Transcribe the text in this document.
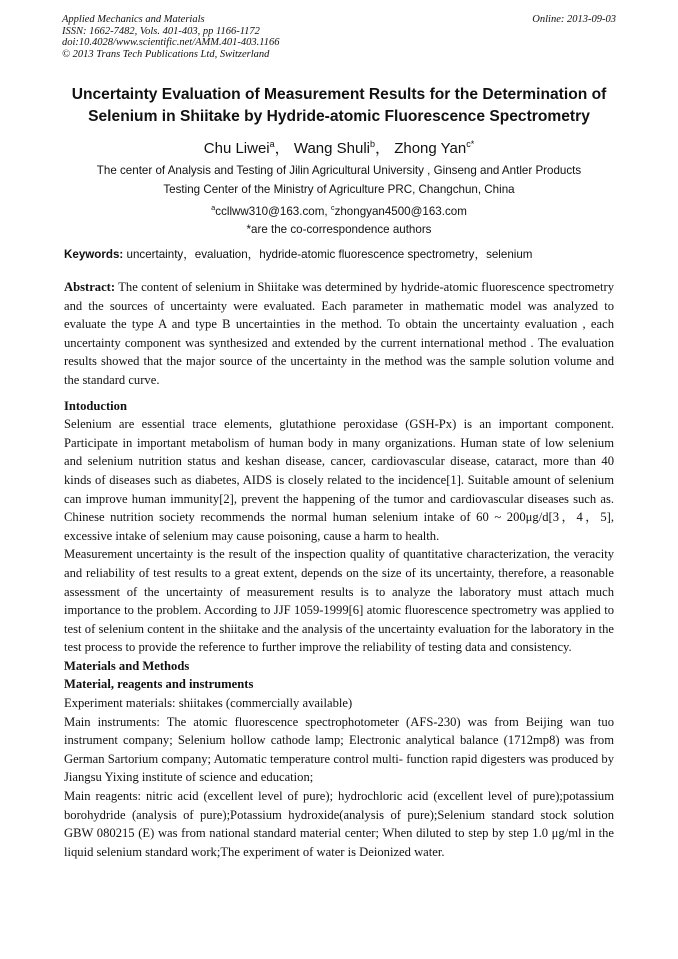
Applied Mechanics and Materials
ISSN: 1662-7482, Vols. 401-403, pp 1166-1172
doi:10.4028/www.scientific.net/AMM.401-403.1166
© 2013 Trans Tech Publications Ltd, Switzerland
Online: 2013-09-03
Uncertainty Evaluation of Measurement Results for the Determination of
Selenium in Shiitake by Hydride-atomic Fluorescence Spectrometry
Chu Liwei$^a$， Wang Shuli$^b$， Zhong Yan$^{c*}$
The center of Analysis and Testing of Jilin Agricultural University , Ginseng and Antler Products
Testing Center of the Ministry of Agriculture PRC, Changchun, China
$^a$ccllww310@163.com, $^c$zhongyan4500@163.com
*are the co-correspondence authors
Keywords: uncertainty，evaluation，hydride-atomic fluorescence spectrometry，selenium

Abstract: The content of selenium in Shiitake was determined by hydride-atomic fluorescence spectrometry and the sources of uncertainty were evaluated. Each parameter in mathematic model was analyzed to evaluate the type A and type B uncertainties in the method. To obtain the uncertainty evaluation , each uncertainty component was synthesized and extended by the current international method . The evaluation results showed that the major source of the uncertainty in the method was the sample solution volume and the standard curve.

Intoduction

Selenium are essential trace elements, glutathione peroxidase (GSH-Px) is an important component. Participate in important metabolism of human body in many organizations. Human state of low selenium and selenium nutrition status and keshan disease, cancer, cardiovascular disease, cataract, more than 40 kinds of diseases such as diabetes, AIDS is closely related to the incidence[1]. Suitable amount of selenium can improve human immunity[2], prevent the happening of the tumor and cardiovascular diseases such as. Chinese nutrition society recommends the normal human selenium intake of 60 ~ 200μg/d[3，4，5], excessive intake of selenium may cause poisoning, cause a harm to health.

Measurement uncertainty is the result of the inspection quality of quantitative characterization, the veracity and reliability of test results to a great extent, depends on the size of its uncertainty, therefore, a reasonable assessment of the uncertainty of measurement results is to analyze the laboratory must attach much importance to the problem. According to JJF 1059-1999[6] atomic fluorescence spectrometry was applied to test of selenium content in the shiitake and the analysis of the uncertainty evaluation for the laboratory in the test process to provide the reference to further improve the reliability of testing data and consistency.

Materials and Methods

Material, reagents and instruments

Experiment materials: shiitakes (commercially available)

Main instruments: The atomic fluorescence spectrophotometer (AFS-230) was from Beijing wan tuo instrument company; Selenium hollow cathode lamp; Electronic analytical balance (1712mp8) was from German Sartorium company; Automatic temperature control multi- function rapid digesters was produced by Jiangsu Yixing institute of science and education;

Main reagents: nitric acid (excellent level of pure); hydrochloric acid (excellent level of pure);potassium borohydride (analysis of pure);Potassium hydroxide(analysis of pure);Selenium standard stock solution GBW 080215 (E) was from national standard material center; When diluted to step by step 1.0 μg/ml in the liquid selenium standard work;The experiment of water is Deionized water.
